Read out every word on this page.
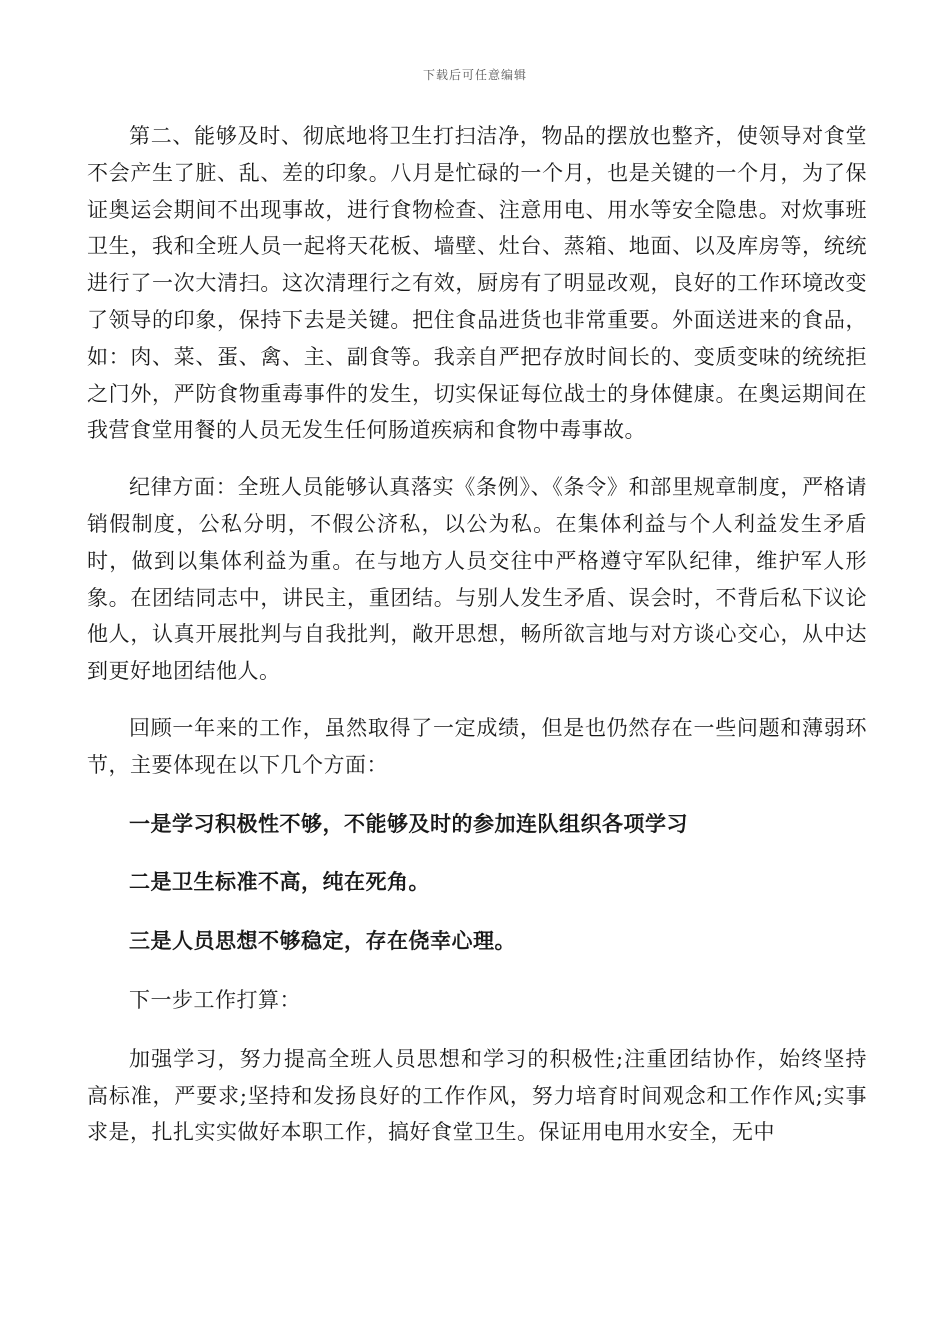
下载后可任意编辑

第二、能够及时、彻底地将卫生打扫洁净，物品的摆放也整齐，使领导对食堂不会产生了脏、乱、差的印象。八月是忙碌的一个月，也是关键的一个月，为了保证奥运会期间不出现事故，进行食物检查、注意用电、用水等安全隐患。对炊事班卫生，我和全班人员一起将天花板、墙壁、灶台、蒸箱、地面、以及库房等，统统进行了一次大清扫。这次清理行之有效，厨房有了明显改观，良好的工作环境改变了领导的印象，保持下去是关键。把住食品进货也非常重要。外面送进来的食品，如：肉、菜、蛋、禽、主、副食等。我亲自严把存放时间长的、变质变味的统统拒之门外，严防食物重毒事件的发生，切实保证每位战士的身体健康。在奥运期间在我营食堂用餐的人员无发生任何肠道疾病和食物中毒事故。

纪律方面：全班人员能够认真落实《条例》、《条令》和部里规章制度，严格请销假制度，公私分明，不假公济私，以公为私。在集体利益与个人利益发生矛盾时，做到以集体利益为重。在与地方人员交往中严格遵守军队纪律，维护军人形象。在团结同志中，讲民主，重团结。与别人发生矛盾、误会时，不背后私下议论他人，认真开展批判与自我批判，敞开思想，畅所欲言地与对方谈心交心，从中达到更好地团结他人。

回顾一年来的工作，虽然取得了一定成绩，但是也仍然存在一些问题和薄弱环节，主要体现在以下几个方面：

一是学习积极性不够，不能够及时的参加连队组织各项学习

二是卫生标准不高，纯在死角。

三是人员思想不够稳定，存在侥幸心理。

下一步工作打算：

加强学习，努力提高全班人员思想和学习的积极性;注重团结协作，始终坚持高标准，严要求;坚持和发扬良好的工作作风，努力培育时间观念和工作作风;实事求是，扎扎实实做好本职工作，搞好食堂卫生。保证用电用水安全，无中
